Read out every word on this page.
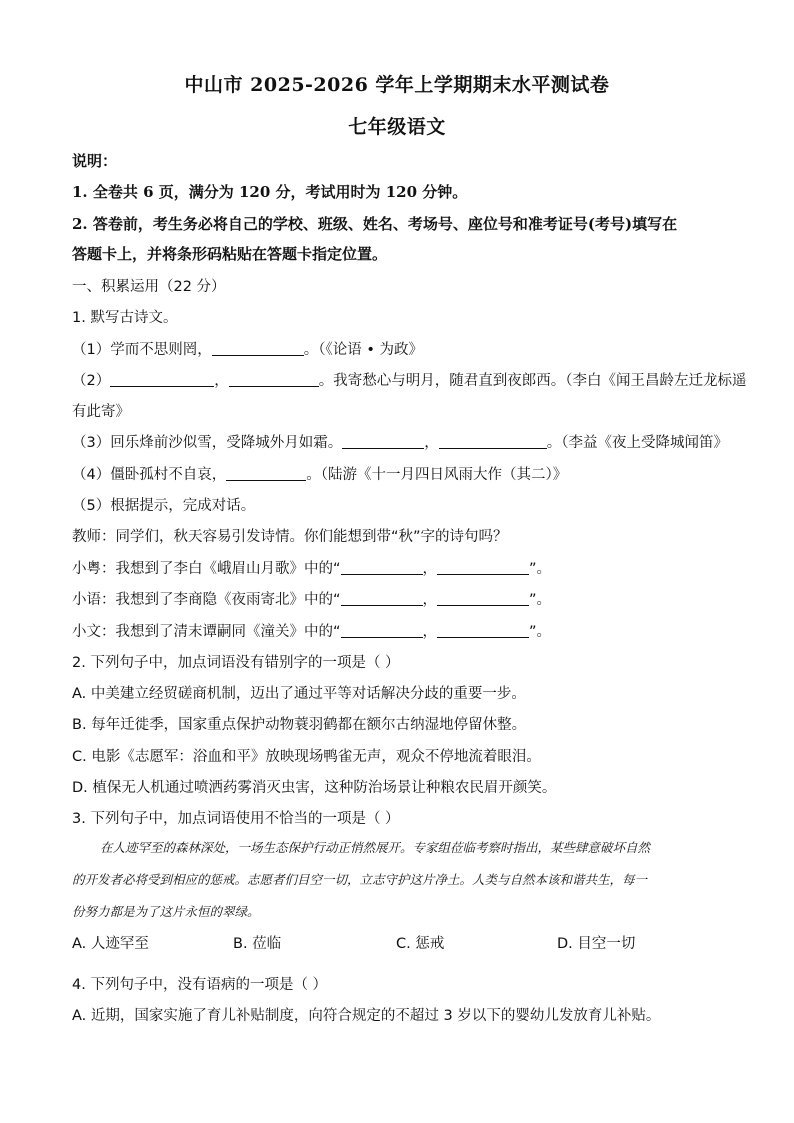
中山市 2025-2026 学年上学期期末水平测试卷
七年级语文
说明：
1. 全卷共 6 页，满分为 120 分，考试用时为 120 分钟。
2. 答卷前，考生务必将自己的学校、班级、姓名、考场号、座位号和准考证号(考号)填写在
答题卡上，并将条形码粘贴在答题卡指定位置。
一、积累运用（22 分）
1. 默写古诗文。
（1）学而不思则罔，	。（《论语 • 为政》
（2）	，	。我寄愁心与明月，随君直到夜郎西。（李白《闻王昌龄左迁龙标遥
有此寄》
（3）回乐烽前沙似雪，受降城外月如霜。	，	。（李益《夜上受降城闻笛》
（4）僵卧孤村不自哀，	。（陆游《十一月四日风雨大作（其二）》
（5）根据提示，完成对话。
教师：同学们，秋天容易引发诗情。你们能想到带“秋”字的诗句吗？
小粤：我想到了李白《峨眉山月歌》中的“	，	”。
小语：我想到了李商隐《夜雨寄北》中的“	，	”。
小文：我想到了清末谭嗣同《潼关》中的“	，	”。
2. 下列句子中，加点词语没有错别字的一项是（ ）
A. 中美建立经贸磋商机制，迈出了通过平等对话解决分歧的重要一步。
B. 每年迁徙季，国家重点保护动物蓑羽鹤都在额尔古纳湿地停留休整。
C. 电影《志愿军：浴血和平》放映现场鸭雀无声，观众不停地流着眼泪。
D. 植保无人机通过喷洒药雾消灭虫害，这种防治场景让种粮农民眉开颜笑。
3. 下列句子中，加点词语使用不恰当的一项是（ ）
在人迹罕至的森林深处，一场生态保护行动正悄然展开。专家组莅临考察时指出，某些肆意破坏自然
的开发者必将受到相应的惩戒。志愿者们目空一切，立志守护这片净土。人类与自然本该和谐共生，每一
份努力都是为了这片永恒的翠绿。
A. 人迹罕至	B. 莅临	C. 惩戒	D. 目空一切
4. 下列句子中，没有语病的一项是（ ）
A. 近期，国家实施了育儿补贴制度，向符合规定的不超过 3 岁以下的婴幼儿发放育儿补贴。
